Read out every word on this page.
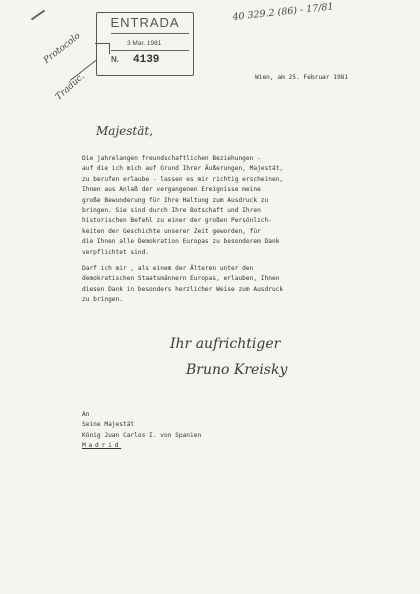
ENTRADA
3 Mar. 1981
N. 4139
40 329.2 (86) - 17/81
Protocolo
Traduc.	Wien, am 25. Februar 1981
Majestät,
Die jahrelangen freundschaftlichen Beziehungen -
auf die ich mich auf Grund Ihrer Äußerungen, Majestät,
zu berufen erlaube - lassen es mir richtig erscheinen,
Ihnen aus Anlaß der vergangenen Ereignisse meine
große Bewunderung für Ihre Haltung zum Ausdruck zu
bringen. Sie sind durch Ihre Botschaft und Ihren
historischen Befehl zu einer der großen Persönlich-
keiten der Geschichte unserer Zeit geworden, für
die Ihnen alle Demokration Europas zu besonderem Dank
verpflichtet sind.
Darf ich mir , als einem der Älteren unter den
demokratischen Staatsmännern Europas, erlauben, Ihnen
diesen Dank in besonders herzlicher Weise zum Ausdruck
zu bringen.
Ihr aufrichtiger
Bruno Kreisky
An
Seine Majestät
König Juan Carlos I. von Spanien
Madrid
